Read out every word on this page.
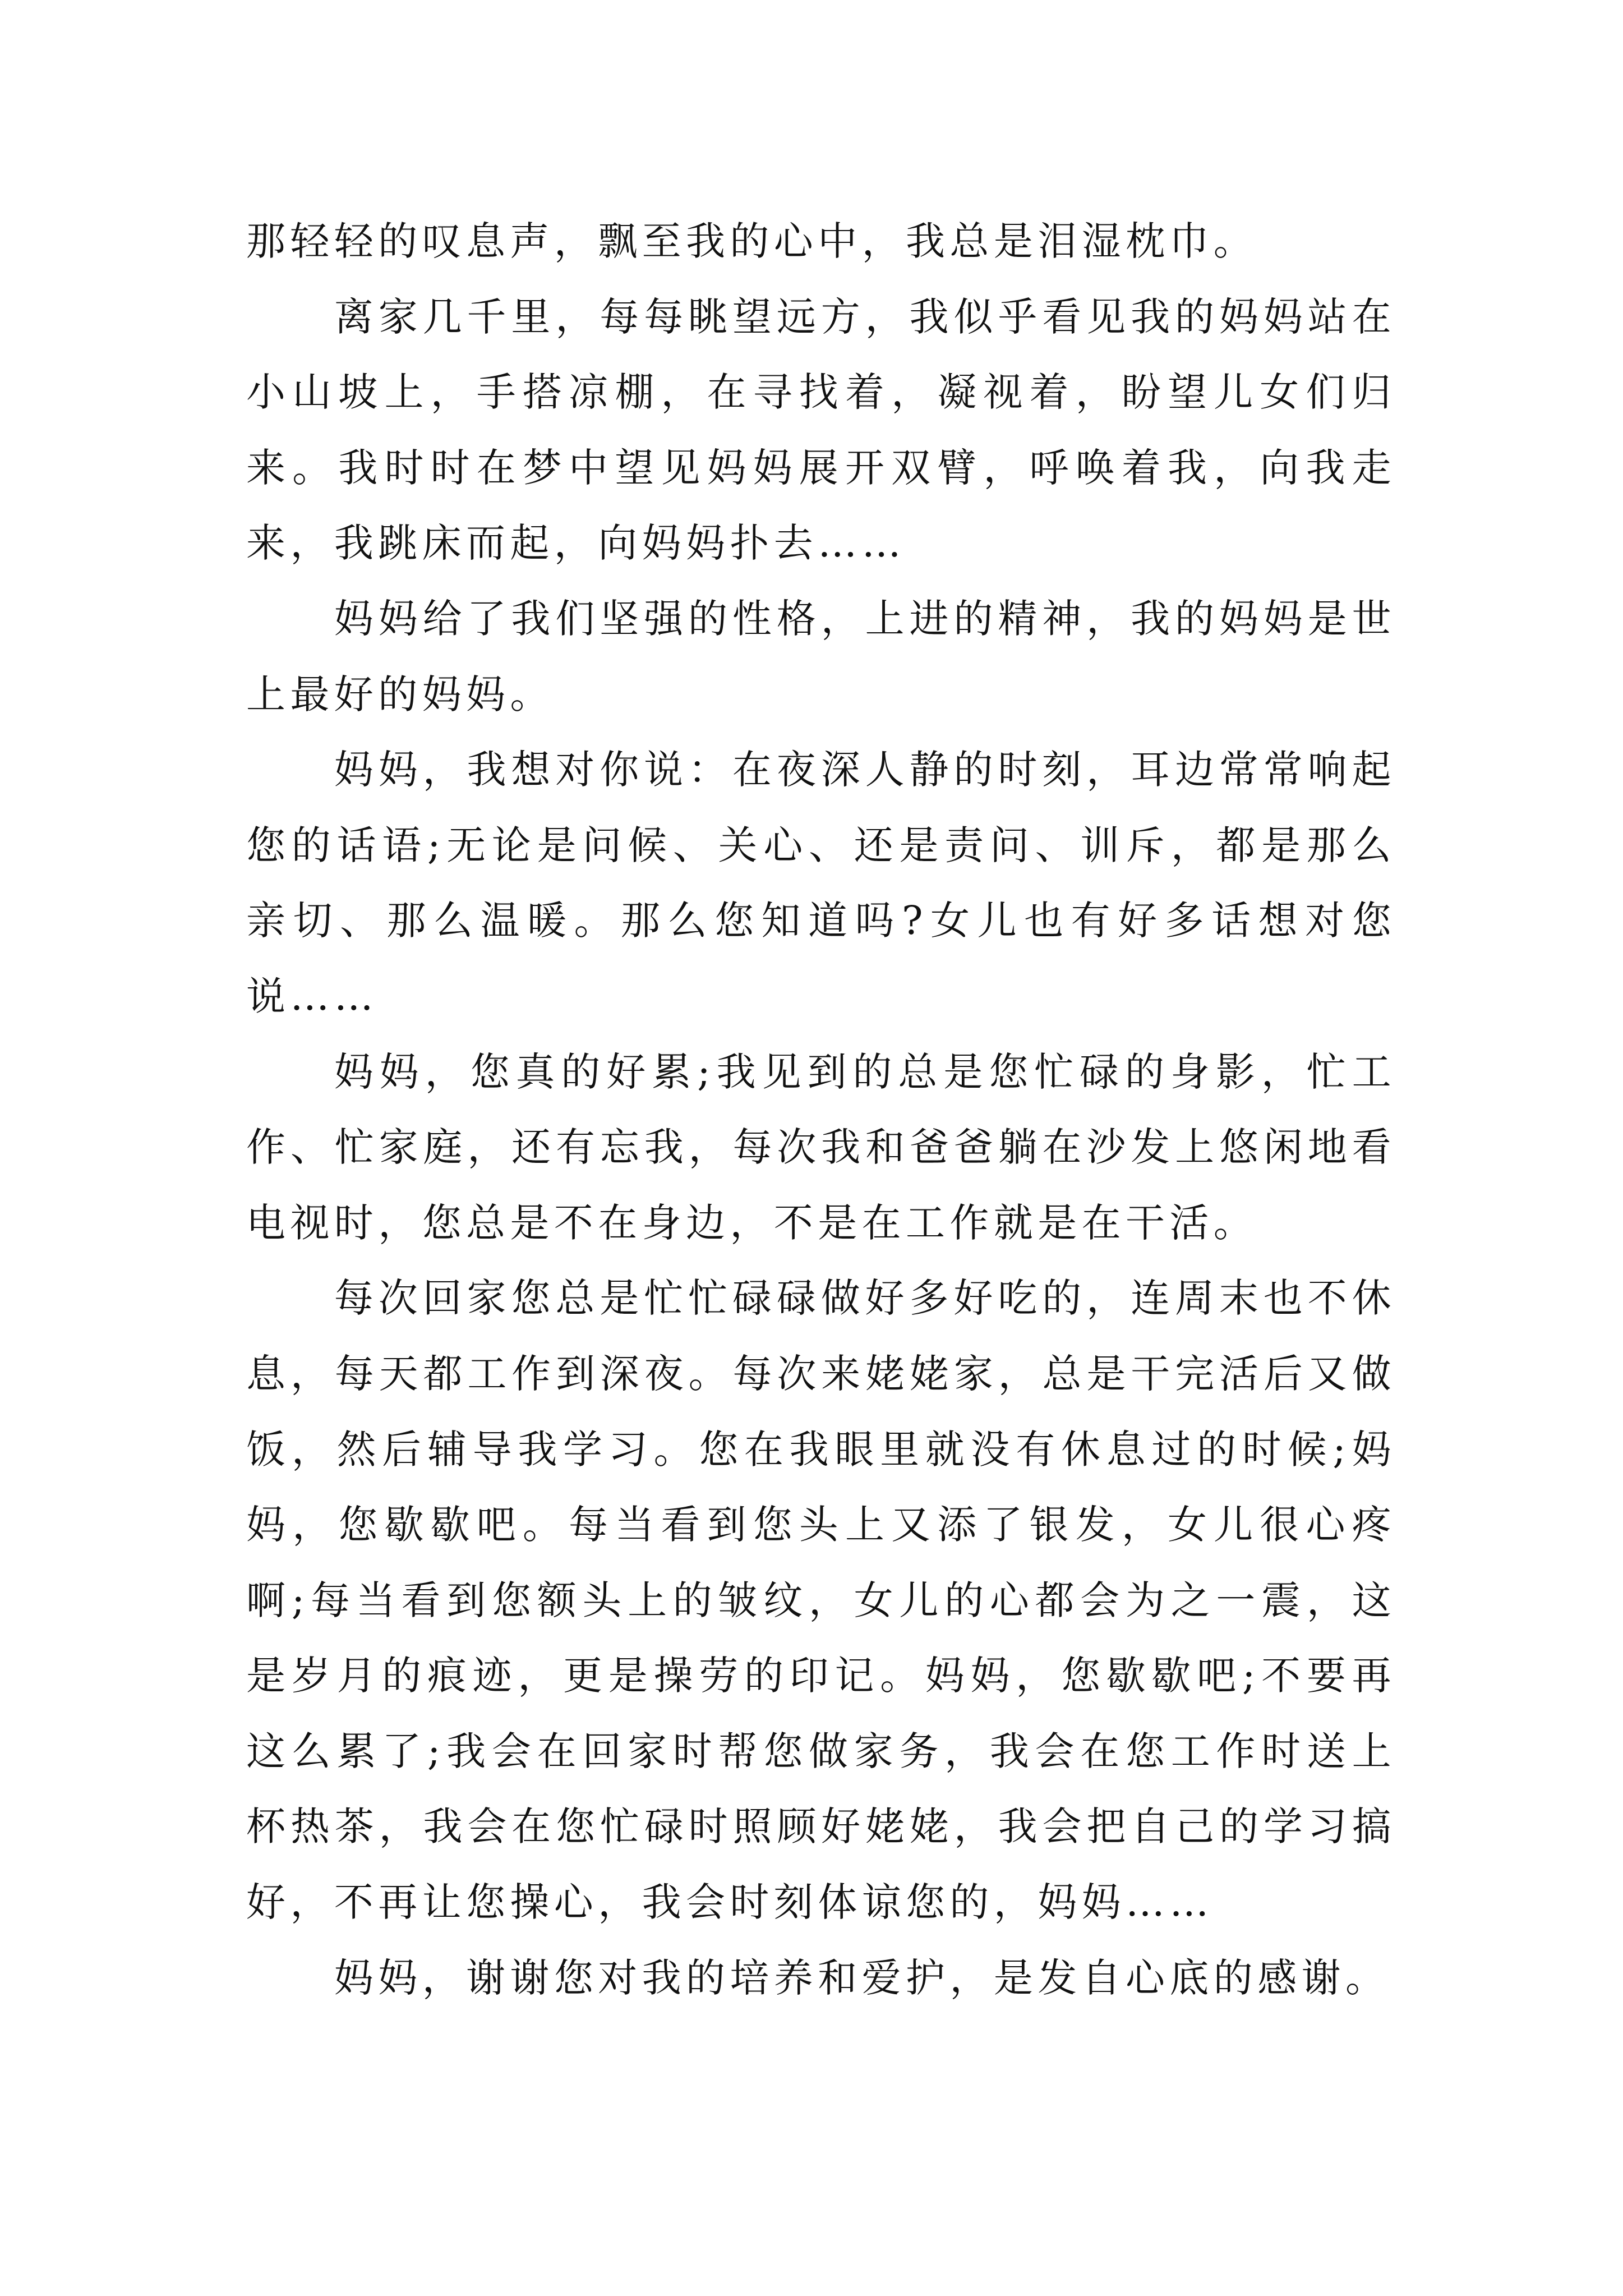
那轻轻的叹息声，飘至我的心中，我总是泪湿枕巾。

离家几千里，每每眺望远方，我似乎看见我的妈妈站在小山坡上，手搭凉棚，在寻找着，凝视着，盼望儿女们归来。我时时在梦中望见妈妈展开双臂，呼唤着我，向我走来，我跳床而起，向妈妈扑去……

妈妈给了我们坚强的性格，上进的精神，我的妈妈是世上最好的妈妈。

妈妈，我想对你说：在夜深人静的时刻，耳边常常响起您的话语;无论是问候、关心、还是责问、训斥，都是那么亲切、那么温暖。那么您知道吗?女儿也有好多话想对您说……

妈妈，您真的好累;我见到的总是您忙碌的身影，忙工作、忙家庭，还有忘我，每次我和爸爸躺在沙发上悠闲地看电视时，您总是不在身边，不是在工作就是在干活。

每次回家您总是忙忙碌碌做好多好吃的，连周末也不休息，每天都工作到深夜。每次来姥姥家，总是干完活后又做饭，然后辅导我学习。您在我眼里就没有休息过的时候;妈妈，您歇歇吧。每当看到您头上又添了银发，女儿很心疼啊;每当看到您额头上的皱纹，女儿的心都会为之一震，这是岁月的痕迹，更是操劳的印记。妈妈，您歇歇吧;不要再这么累了;我会在回家时帮您做家务，我会在您工作时送上杯热茶，我会在您忙碌时照顾好姥姥，我会把自己的学习搞好，不再让您操心，我会时刻体谅您的，妈妈……

妈妈，谢谢您对我的培养和爱护，是发自心底的感谢。
